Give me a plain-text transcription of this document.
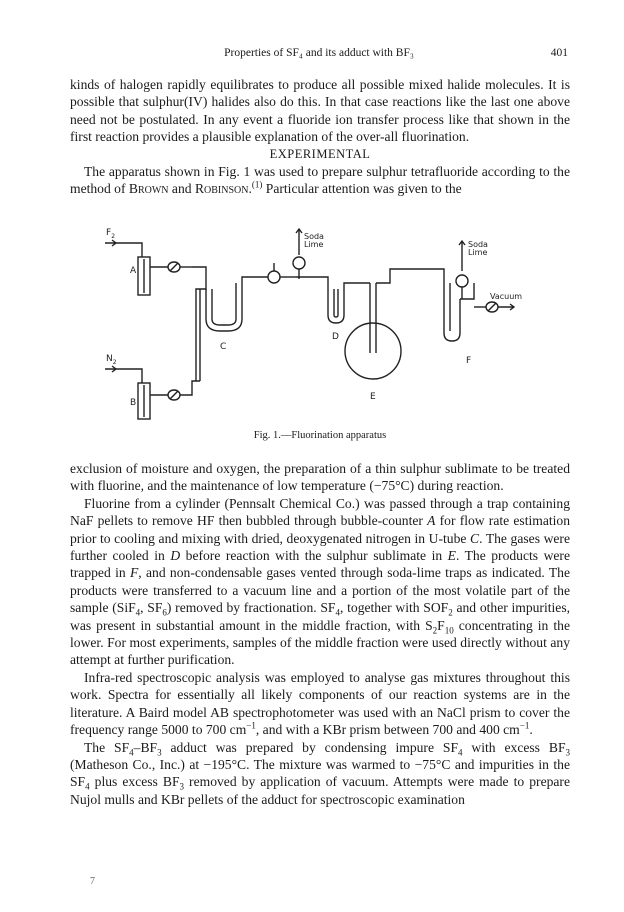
Properties of SF₄ and its adduct with BF₃	401

kinds of halogen rapidly equilibrates to produce all possible mixed halide molecules. It is possible that sulphur(IV) halides also do this. In that case reactions like the last one above need not be postulated. In any event a fluoride ion transfer process like that shown in the first reaction provides a plausible explanation of the over-all fluorination.

EXPERIMENTAL

The apparatus shown in Fig. 1 was used to prepare sulphur tetrafluoride according to the method of Brown and Robinson.$^{(1)}$ Particular attention was given to the

$F_2$
A
$N_2$
B
C
Soda
Lime
D
E
F
Soda
Lime
Vacuum
Fig. 1.—Fluorination apparatus

exclusion of moisture and oxygen, the preparation of a thin sulphur sublimate to be treated with fluorine, and the maintenance of low temperature (−75°C) during reaction.

Fluorine from a cylinder (Pennsalt Chemical Co.) was passed through a trap containing NaF pellets to remove HF then bubbled through bubble-counter A for flow rate estimation prior to cooling and mixing with dried, deoxygenated nitrogen in U-tube C. The gases were further cooled in D before reaction with the sulphur sublimate in E. The products were trapped in F, and non-condensable gases vented through soda-lime traps as indicated. The products were transferred to a vacuum line and a portion of the most volatile part of the sample (SiF$_4$, $SF_6$) removed by fractionation. $SF_4$, together with $SOF_2$ and other impurities, was present in substantial amount in the middle fraction, with $S_2F_{10}$ concentrating in the lower. For most experiments, samples of the middle fraction were used directly without any attempt at further purification.

Infra-red spectroscopic analysis was employed to analyse gas mixtures throughout this work. Spectra for essentially all likely components of our reaction systems are in the literature. A Baird model AB spectrophotometer was used with an NaCl prism to cover the frequency range 5000 to 700 $cm^{-1}$, and with a KBr prism between 700 and 400 $cm^{-1}$.

The $SF_4-BF_3$ adduct was prepared by condensing impure $SF_4$ with excess $BF_3$ (Matheson Co., Inc.) at −195°C. The mixture was warmed to −75°C and impurities in the $SF_4$ plus excess $BF_3$ removed by application of vacuum. Attempts were made to prepare Nujol mulls and KBr pellets of the adduct for spectroscopic examination

7
